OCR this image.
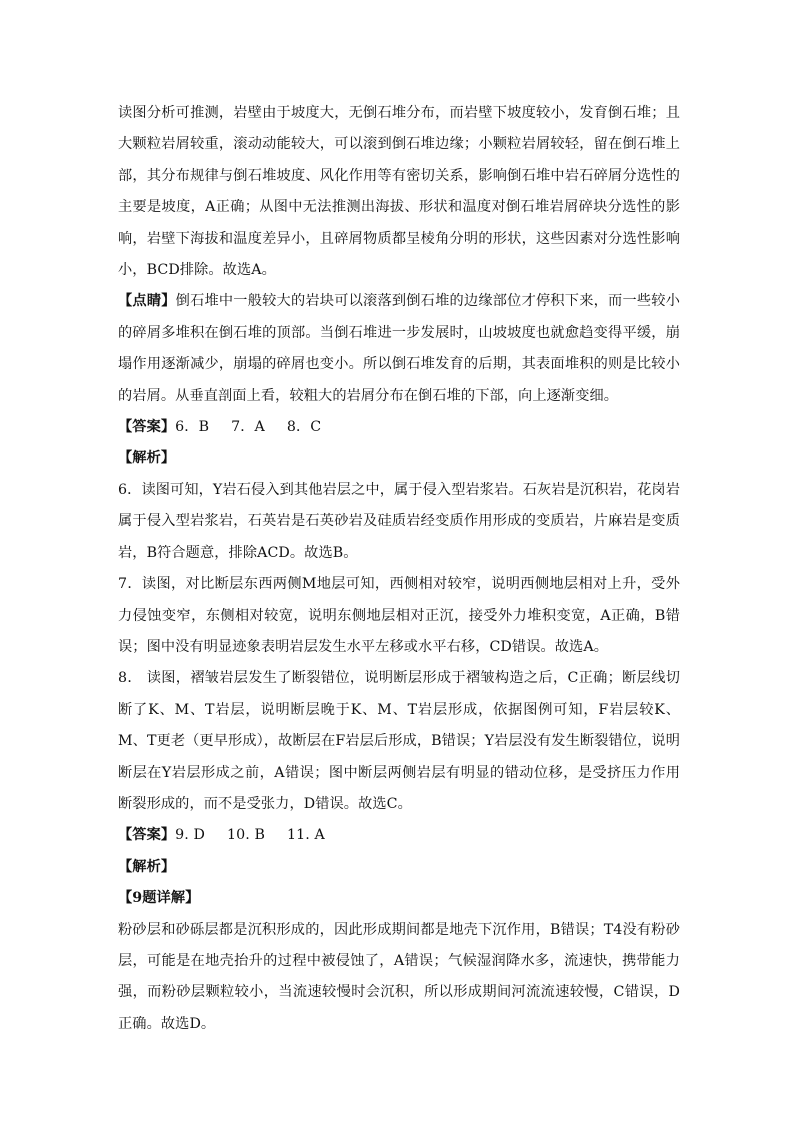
读图分析可推测，岩壁由于坡度大，无倒石堆分布，而岩壁下坡度较小，发育倒石堆；且大颗粒岩屑较重，滚动动能较大，可以滚到倒石堆边缘；小颗粒岩屑较轻，留在倒石堆上部，其分布规律与倒石堆坡度、风化作用等有密切关系，影响倒石堆中岩石碎屑分选性的主要是坡度，A正确；从图中无法推测出海拔、形状和温度对倒石堆岩屑碎块分选性的影响，岩壁下海拔和温度差异小，且碎屑物质都呈棱角分明的形状，这些因素对分选性影响小，BCD排除。故选A。

【点睛】倒石堆中一般较大的岩块可以滚落到倒石堆的边缘部位才停积下来，而一些较小的碎屑多堆积在倒石堆的顶部。当倒石堆进一步发展时，山坡坡度也就愈趋变得平缓，崩塌作用逐渐减少，崩塌的碎屑也变小。所以倒石堆发育的后期，其表面堆积的则是比较小的岩屑。从垂直剖面上看，较粗大的岩屑分布在倒石堆的下部，向上逐渐变细。

【答案】6．B 7．A 8．C

【解析】

6．读图可知，Y岩石侵入到其他岩层之中，属于侵入型岩浆岩。石灰岩是沉积岩，花岗岩属于侵入型岩浆岩，石英岩是石英砂岩及硅质岩经变质作用形成的变质岩，片麻岩是变质岩，B符合题意，排除ACD。故选B。

7．读图，对比断层东西两侧M地层可知，西侧相对较窄，说明西侧地层相对上升，受外力侵蚀变窄，东侧相对较宽，说明东侧地层相对正沉，接受外力堆积变宽，A正确，B错误；图中没有明显迹象表明岩层发生水平左移或水平右移，CD错误。故选A。

8． 读图，褶皱岩层发生了断裂错位，说明断层形成于褶皱构造之后，C正确；断层线切断了K、M、T岩层，说明断层晚于K、M、T岩层形成，依据图例可知，F岩层较K、M、T更老（更早形成），故断层在F岩层后形成，B错误；Y岩层没有发生断裂错位，说明断层在Y岩层形成之前，A错误；图中断层两侧岩层有明显的错动位移，是受挤压力作用断裂形成的，而不是受张力，D错误。故选C。

【答案】9. D 10. B 11. A

【解析】

【9题详解】

粉砂层和砂砾层都是沉积形成的，因此形成期间都是地壳下沉作用，B错误；T4没有粉砂层，可能是在地壳抬升的过程中被侵蚀了，A错误；气候湿润降水多，流速快，携带能力强，而粉砂层颗粒较小，当流速较慢时会沉积，所以形成期间河流流速较慢，C错误，D正确。故选D。
